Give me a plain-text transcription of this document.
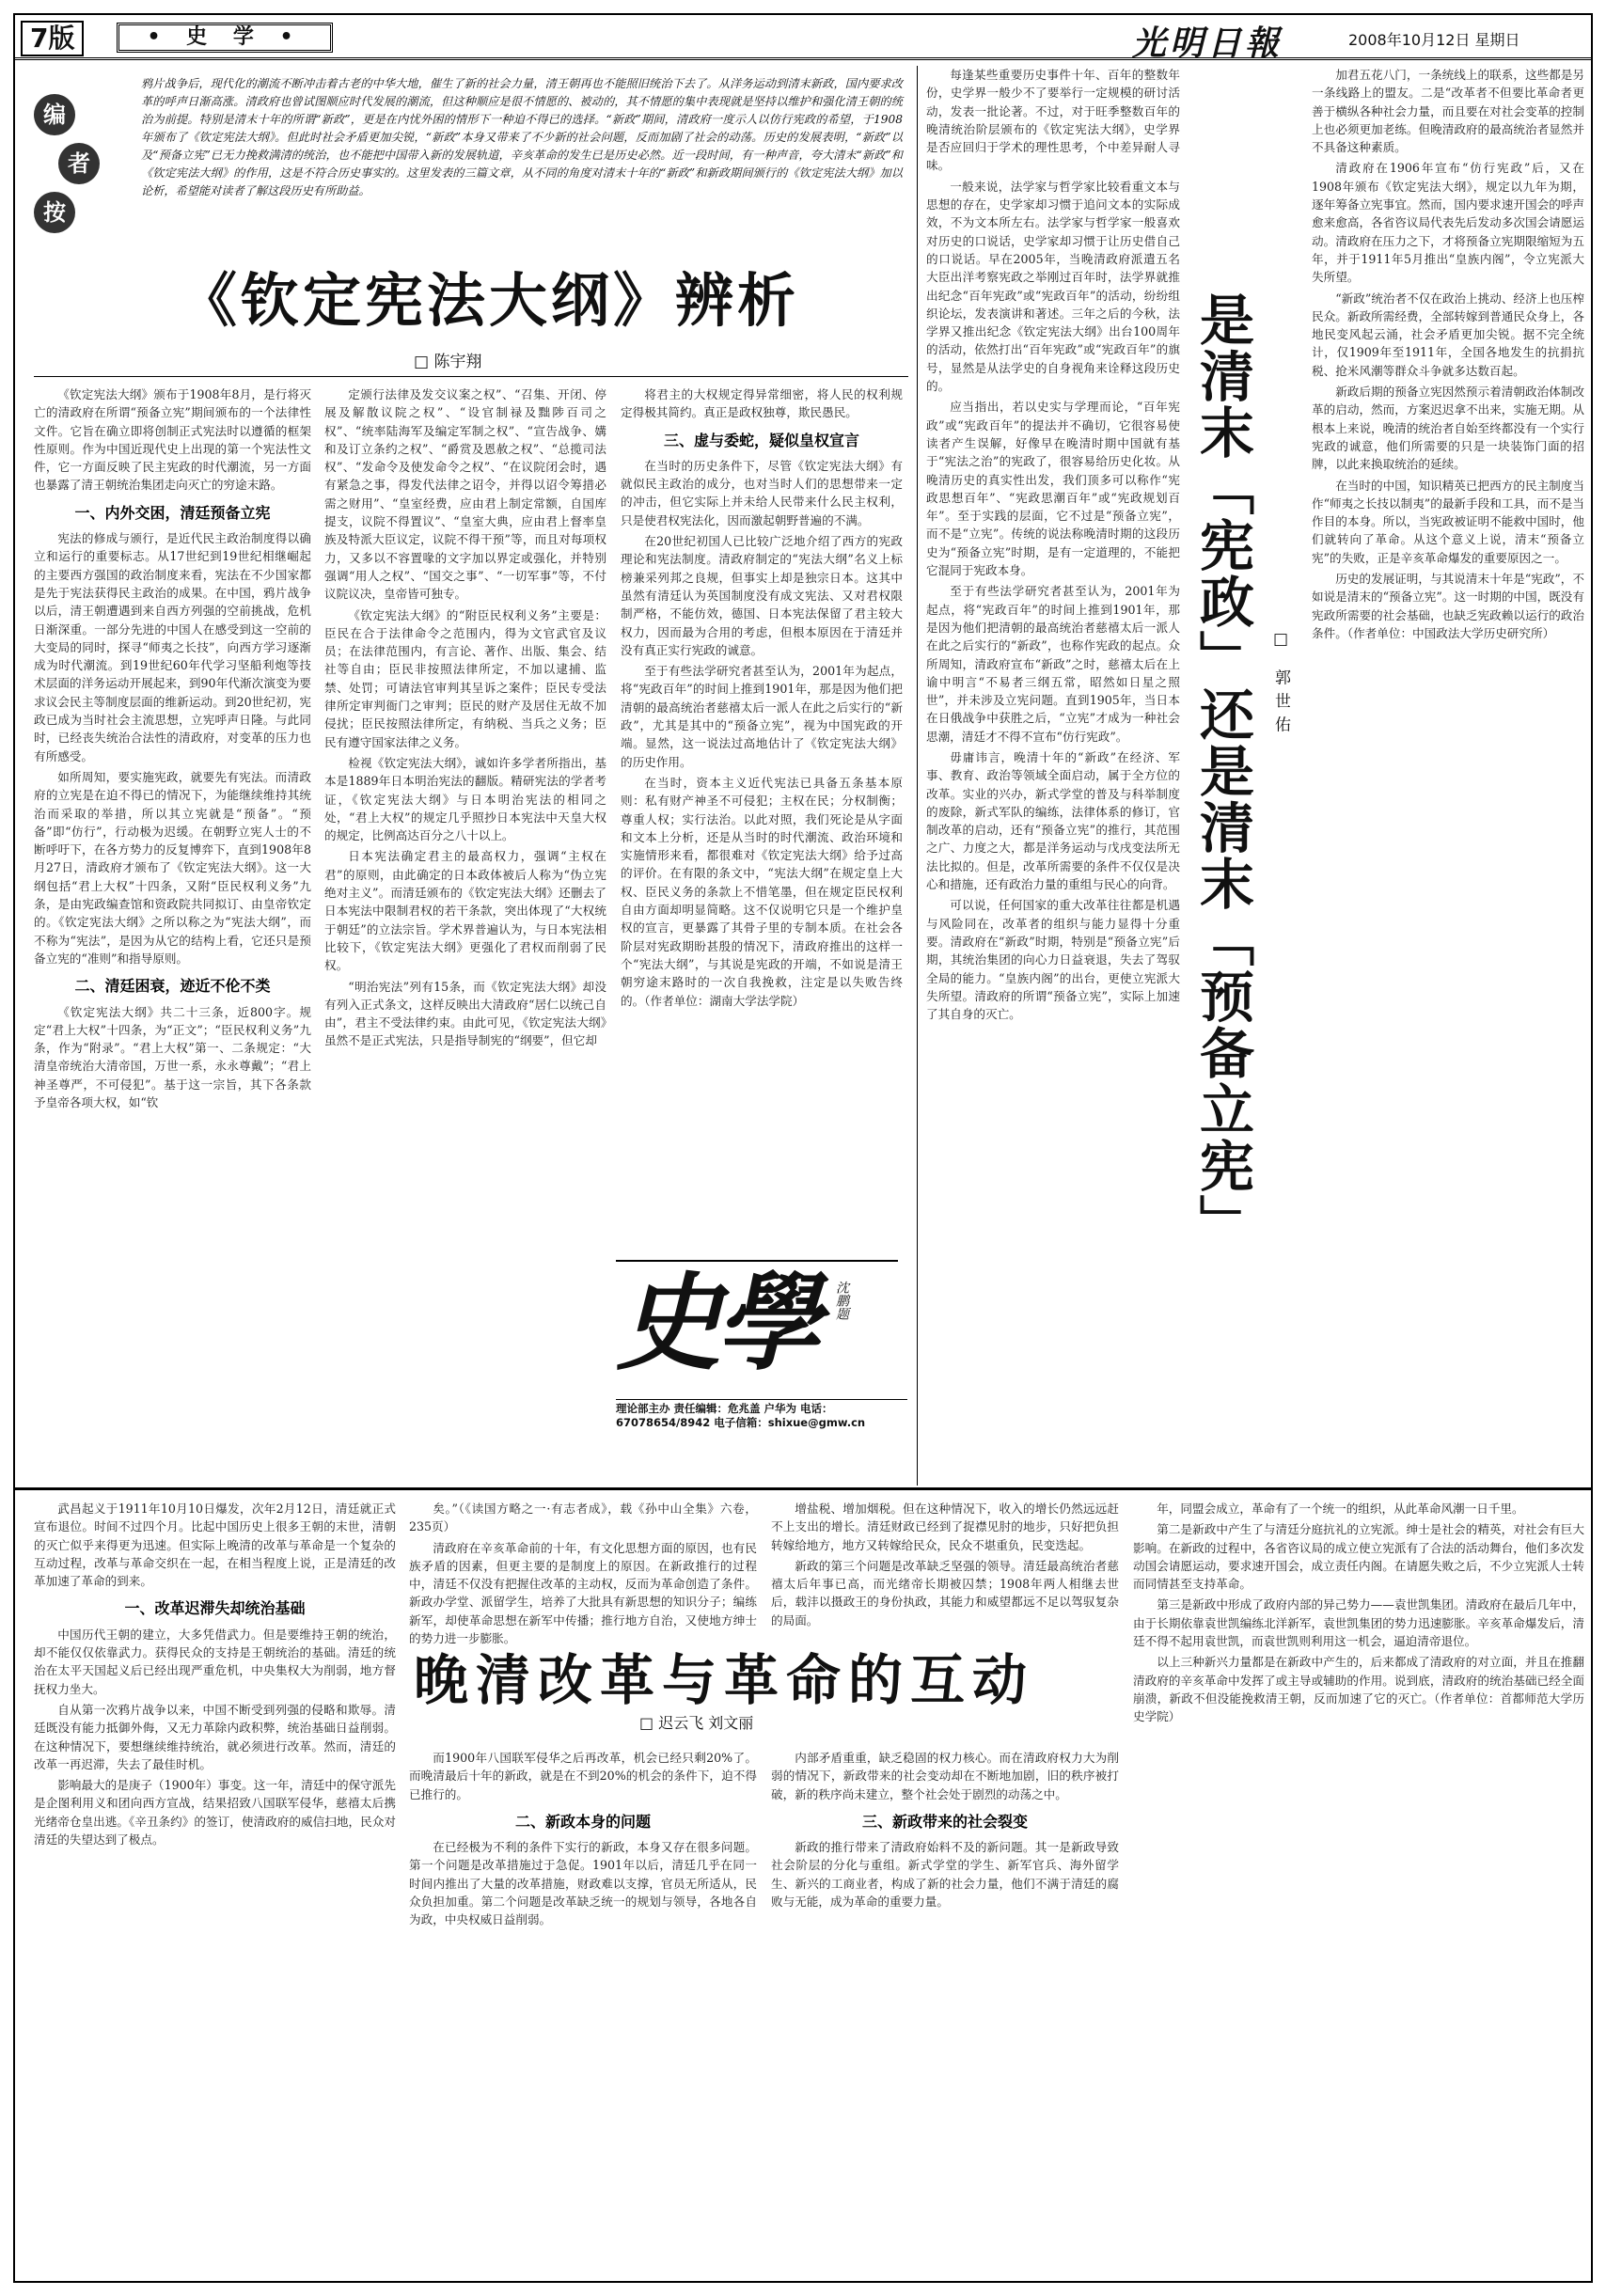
7版	• 史 学 •	光明日報	2008年10月12日 星期日
编
者
按
鸦片战争后，现代化的潮流不断冲击着古老的中华大地，催生了新的社会力量，清王朝再也不能照旧统治下去了。从洋务运动到清末新政，国内要求改革的呼声日渐高涨。清政府也曾试图顺应时代发展的潮流，但这种顺应是很不情愿的、被动的，其不情愿的集中表现就是坚持以维护和强化清王朝的统治为前提。特别是清末十年的所谓“新政”，更是在内忧外困的情形下一种迫不得已的选择。“新政”期间，清政府一度示人以仿行宪政的希望，于1908年颁布了《钦定宪法大纲》。但此时社会矛盾更加尖锐，“新政”本身又带来了不少新的社会问题，反而加剧了社会的动荡。历史的发展表明，“新政”以及“预备立宪”已无力挽救满清的统治，也不能把中国带入新的发展轨道，辛亥革命的发生已是历史必然。近一段时间，有一种声音，夸大清末“新政”和《钦定宪法大纲》的作用，这是不符合历史事实的。这里发表的三篇文章，从不同的角度对清末十年的“新政”和新政期间颁行的《钦定宪法大纲》加以论析，希望能对读者了解这段历史有所助益。
《钦定宪法大纲》辨析
□ 陈宇翔

《钦定宪法大纲》颁布于1908年8月，是行将灭亡的清政府在所谓“预备立宪”期间颁布的一个法律性文件。它旨在确立即将创制正式宪法时以遵循的框架性原则。作为中国近现代史上出现的第一个宪法性文件，它一方面反映了民主宪政的时代潮流，另一方面也暴露了清王朝统治集团走向灭亡的穷途末路。

一、内外交困，清廷预备立宪

宪法的修成与颁行，是近代民主政治制度得以确立和运行的重要标志。从17世纪到19世纪相继崛起的主要西方强国的政治制度来看，宪法在不少国家都是先于宪法获得民主政治的成果。在中国，鸦片战争以后，清王朝遭遇到来自西方列强的空前挑战，危机日渐深重。一部分先进的中国人在感受到这一空前的大变局的同时，探寻“师夷之长技”，向西方学习逐渐成为时代潮流。到19世纪60年代学习坚船利炮等技术层面的洋务运动开展起来，到90年代渐次演变为要求议会民主等制度层面的维新运动。到20世纪初，宪政已成为当时社会主流思想，立宪呼声日隆。与此同时，已经丧失统治合法性的清政府，对变革的压力也有所感受。

如所周知，要实施宪政，就要先有宪法。而清政府的立宪是在迫不得已的情况下，为能继续维持其统治而采取的举措，所以其立宪就是“预备”。“预备”即“仿行”，行动极为迟缓。在朝野立宪人士的不断呼吁下，在各方势力的反复博弈下，直到1908年8月27日，清政府才颁布了《钦定宪法大纲》。这一大纲包括“君上大权”十四条，又附“臣民权利义务”九条，是由宪政编查馆和资政院共同拟订、由皇帝钦定的。《钦定宪法大纲》之所以称之为“宪法大纲”，而不称为“宪法”，是因为从它的结构上看，它还只是预备立宪的“准则”和指导原则。

二、清廷困衰，迹近不伦不类

《钦定宪法大纲》共二十三条，近800字。规定“君上大权”十四条，为“正文”；“臣民权利义务”九条，作为“附录”。“君上大权”第一、二条规定：“大清皇帝统治大清帝国，万世一系，永永尊戴”；“君上神圣尊严，不可侵犯”。基于这一宗旨，其下各条款予皇帝各项大权，如“钦

定颁行法律及发交议案之权”、“召集、开闭、停展及解散议院之权”、“设官制禄及黜陟百司之权”、“统率陆海军及编定军制之权”、“宣告战争、媾和及订立条约之权”、“爵赏及恩赦之权”、“总揽司法权”、“发命令及使发命令之权”、“在议院闭会时，遇有紧急之事，得发代法律之诏令，并得以诏令筹措必需之财用”、“皇室经费，应由君上制定常额，自国库提支，议院不得置议”、“皇室大典，应由君上督率皇族及特派大臣议定，议院不得干预”等，而且对每项权力，又多以不容置喙的文字加以界定或强化，并特别强调“用人之权”、“国交之事”、“一切军事”等，不付议院议决，皇帝皆可独专。

《钦定宪法大纲》的“附臣民权利义务”主要是：臣民在合于法律命令之范围内，得为文官武官及议员；在法律范围内，有言论、著作、出版、集会、结社等自由；臣民非按照法律所定，不加以逮捕、监禁、处罚；可请法官审判其呈诉之案件；臣民专受法律所定审判衙门之审判；臣民的财产及居住无故不加侵扰；臣民按照法律所定，有纳税、当兵之义务；臣民有遵守国家法律之义务。

检视《钦定宪法大纲》，诚如许多学者所指出，基本是1889年日本明治宪法的翻版。精研宪法的学者考证，《钦定宪法大纲》与日本明治宪法的相同之处，“君上大权”的规定几乎照抄日本宪法中天皇大权的规定，比例高达百分之八十以上。

日本宪法确定君主的最高权力，强调“主权在君”的原则，由此确定的日本政体被后人称为“伪立宪绝对主义”。而清廷颁布的《钦定宪法大纲》还删去了日本宪法中限制君权的若干条款，突出体现了“大权统于朝廷”的立法宗旨。学术界普遍认为，与日本宪法相比较下，《钦定宪法大纲》更强化了君权而削弱了民权。

“明治宪法”列有15条，而《钦定宪法大纲》却没有列入正式条文，这样反映出大清政府“居仁以统己自由”，君主不受法律约束。由此可见，《钦定宪法大纲》虽然不是正式宪法，只是指导制宪的“纲要”，但它却

将君主的大权规定得异常细密，将人民的权利规定得极其简约。真正是政权独尊，欺民愚民。

三、虚与委蛇，疑似皇权宣言

在当时的历史条件下，尽管《钦定宪法大纲》有就似民主政治的成分，也对当时人们的思想带来一定的冲击，但它实际上并未给人民带来什么民主权利，只是使君权宪法化，因而激起朝野普遍的不满。

在20世纪初国人已比较广泛地介绍了西方的宪政理论和宪法制度。清政府制定的“宪法大纲”名义上标榜兼采列邦之良规，但事实上却是独宗日本。这其中虽然有清廷认为英国制度没有成文宪法、又对君权限制严格，不能仿效，德国、日本宪法保留了君主较大权力，因而最为合用的考虑，但根本原因在于清廷并没有真正实行宪政的诚意。

至于有些法学研究者甚至认为，2001年为起点，将“宪政百年”的时间上推到1901年，那是因为他们把清朝的最高统治者慈禧太后一派人在此之后实行的“新政”，尤其是其中的“预备立宪”，视为中国宪政的开端。显然，这一说法过高地估计了《钦定宪法大纲》的历史作用。

在当时，资本主义近代宪法已具备五条基本原则：私有财产神圣不可侵犯；主权在民；分权制衡；尊重人权；实行法治。以此对照，我们死论是从字面和文本上分析，还是从当时的时代潮流、政治环境和实施情形来看，都很难对《钦定宪法大纲》给予过高的评价。在有限的条文中，“宪法大纲”在规定皇上大权、臣民义务的条款上不惜笔墨，但在规定臣民权利自由方面却明显简略。这不仅说明它只是一个维护皇权的宣言，更暴露了其骨子里的专制本质。在社会各阶层对宪政期盼甚殷的情况下，清政府推出的这样一个“宪法大纲”，与其说是宪政的开端，不如说是清王朝穷途末路时的一次自我挽救，注定是以失败告终的。（作者单位：湖南大学法学院）

史學 沈鹏题
理论部主办 责任编辑：危兆盖 户华为 电话：67078654/8942 电子信箱：shixue@gmw.cn

每逢某些重要历史事件十年、百年的整数年份，史学界一般少不了要举行一定规模的研讨活动，发表一批论著。不过，对于旺季整数百年的晚清统治阶层颁布的《钦定宪法大纲》，史学界是否应回归于学术的理性思考，个中差异耐人寻味。

一般来说，法学家与哲学家比较看重文本与思想的存在，史学家却习惯于追问文本的实际成效，不为文本所左右。法学家与哲学家一般喜欢对历史的口说话，史学家却习惯于让历史借自己的口说话。早在2005年，当晚清政府派遣五名大臣出洋考察宪政之举刚过百年时，法学界就推出纪念“百年宪政”或“宪政百年”的活动，纷纷组织论坛，发表演讲和著述。三年之后的今秋，法学界又推出纪念《钦定宪法大纲》出台100周年的活动，依然打出“百年宪政”或“宪政百年”的旗号，显然是从法学史的自身视角来诠释这段历史的。

应当指出，若以史实与学理而论，“百年宪政”或“宪政百年”的提法并不确切，它很容易使读者产生误解，好像早在晚清时期中国就有基于“宪法之治”的宪政了，很容易给历史化妆。从晚清历史的真实性出发，我们顶多可以称作“宪政思想百年”、“宪政思潮百年”或“宪政规划百年”。至于实践的层面，它不过是“预备立宪”，而不是“立宪”。传统的说法称晚清时期的这段历史为“预备立宪”时期，是有一定道理的，不能把它混同于宪政本身。

至于有些法学研究者甚至认为，2001年为起点，将“宪政百年”的时间上推到1901年，那是因为他们把清朝的最高统治者慈禧太后一派人在此之后实行的“新政”，也称作宪政的起点。众所周知，清政府宣布“新政”之时，慈禧太后在上谕中明言“不易者三纲五常，昭然如日星之照世”，并未涉及立宪问题。直到1905年，当日本在日俄战争中获胜之后，“立宪”才成为一种社会思潮，清廷才不得不宣布“仿行宪政”。

毋庸讳言，晚清十年的“新政”在经济、军事、教育、政治等领域全面启动，属于全方位的改革。实业的兴办，新式学堂的普及与科举制度的废除，新式军队的编练，法律体系的修订，官制改革的启动，还有“预备立宪”的推行，其范围之广、力度之大，都是洋务运动与戊戌变法所无法比拟的。但是，改革所需要的条件不仅仅是决心和措施，还有政治力量的重组与民心的向背。

可以说，任何国家的重大改革往往都是机遇与风险同在，改革者的组织与能力显得十分重要。清政府在“新政”时期，特别是“预备立宪”后期，其统治集团的向心力日益衰退，失去了驾驭全局的能力。“皇族内阁”的出台，更使立宪派大失所望。清政府的所谓“预备立宪”，实际上加速了其自身的灭亡。	是清末「宪政」还是清末「预备立宪」 □ 郭世佑

加君五花八门，一条统线上的联系，这些都是另一条线路上的盟友。二是“改革者不但要比革命者更善于横纵各种社会力量，而且要在对社会变革的控制上也必须更加老练。但晚清政府的最高统治者显然并不具备这种素质。

清政府在1906年宣布“仿行宪政”后，又在1908年颁布《钦定宪法大纲》，规定以九年为期，逐年筹备立宪事宜。然而，国内要求速开国会的呼声愈来愈高，各省咨议局代表先后发动多次国会请愿运动。清政府在压力之下，才将预备立宪期限缩短为五年，并于1911年5月推出“皇族内阁”，令立宪派大失所望。

“新政”统治者不仅在政治上挑动、经济上也压榨民众。新政所需经费，全部转嫁到普通民众身上，各地民变风起云涌，社会矛盾更加尖锐。据不完全统计，仅1909年至1911年，全国各地发生的抗捐抗税、抢米风潮等群众斗争就多达数百起。

新政后期的预备立宪因然预示着清朝政治体制改革的启动，然而，方案迟迟拿不出来，实施无期。从根本上来说，晚清的统治者自始至终都没有一个实行宪政的诚意，他们所需要的只是一块装饰门面的招牌，以此来换取统治的延续。

在当时的中国，知识精英已把西方的民主制度当作“师夷之长技以制夷”的最新手段和工具，而不是当作目的本身。所以，当宪政被证明不能救中国时，他们就转向了革命。从这个意义上说，清末“预备立宪”的失败，正是辛亥革命爆发的重要原因之一。

历史的发展证明，与其说清末十年是“宪政”，不如说是清末的“预备立宪”。这一时期的中国，既没有宪政所需要的社会基础，也缺乏宪政赖以运行的政治条件。（作者单位：中国政法大学历史研究所）

晚清改革与革命的互动
□ 迟云飞 刘文丽

武昌起义于1911年10月10日爆发，次年2月12日，清廷就正式宣布退位。时间不过四个月。比起中国历史上很多王朝的末世，清朝的灭亡似乎来得更为迅速。但实际上晚清的改革与革命是一个复杂的互动过程，改革与革命交织在一起，在相当程度上说，正是清廷的改革加速了革命的到来。

一、改革迟滞失却统治基础

中国历代王朝的建立，大多凭借武力。但是要维持王朝的统治，却不能仅仅依靠武力。获得民众的支持是王朝统治的基础。清廷的统治在太平天国起义后已经出现严重危机，中央集权大为削弱，地方督抚权力坐大。

自从第一次鸦片战争以来，中国不断受到列强的侵略和欺辱。清廷既没有能力抵御外侮，又无力革除内政积弊，统治基础日益削弱。在这种情况下，要想继续维持统治，就必须进行改革。然而，清廷的改革一再迟滞，失去了最佳时机。

影响最大的是庚子（1900年）事变。这一年，清廷中的保守派先是企图利用义和团向西方宣战，结果招致八国联军侵华，慈禧太后携光绪帝仓皇出逃。《辛丑条约》的签订，使清政府的威信扫地，民众对清廷的失望达到了极点。

矣。”（《读国方略之一·有志者成》，载《孙中山全集》六卷，235页）

清政府在辛亥革命前的十年，有文化思想方面的原因，也有民族矛盾的因素，但更主要的是制度上的原因。在新政推行的过程中，清廷不仅没有把握住改革的主动权，反而为革命创造了条件。新政办学堂、派留学生，培养了大批具有新思想的知识分子；编练新军，却使革命思想在新军中传播；推行地方自治，又使地方绅士的势力进一步膨胀。

而1900年八国联军侵华之后再改革，机会已经只剩20%了。而晚清最后十年的新政，就是在不到20%的机会的条件下，迫不得已推行的。

二、新政本身的问题

在已经极为不利的条件下实行的新政，本身又存在很多问题。第一个问题是改革措施过于急促。1901年以后，清廷几乎在同一时间内推出了大量的改革措施，财政难以支撑，官员无所适从，民众负担加重。第二个问题是改革缺乏统一的规划与领导，各地各自为政，中央权威日益削弱。

增盐税、增加烟税。但在这种情况下，收入的增长仍然远远赶不上支出的增长。清廷财政已经到了捉襟见肘的地步，只好把负担转嫁给地方，地方又转嫁给民众，民众不堪重负，民变迭起。

新政的第三个问题是改革缺乏坚强的领导。清廷最高统治者慈禧太后年事已高，而光绪帝长期被囚禁；1908年两人相继去世后，载沣以摄政王的身份执政，其能力和威望都远不足以驾驭复杂的局面。

内部矛盾重重，缺乏稳固的权力核心。而在清政府权力大为削弱的情况下，新政带来的社会变动却在不断地加剧，旧的秩序被打破，新的秩序尚未建立，整个社会处于剧烈的动荡之中。

三、新政带来的社会裂变

新政的推行带来了清政府始料不及的新问题。其一是新政导致社会阶层的分化与重组。新式学堂的学生、新军官兵、海外留学生、新兴的工商业者，构成了新的社会力量，他们不满于清廷的腐败与无能，成为革命的重要力量。

年，同盟会成立，革命有了一个统一的组织，从此革命风潮一日千里。

第二是新政中产生了与清廷分庭抗礼的立宪派。绅士是社会的精英，对社会有巨大影响。在新政的过程中，各省咨议局的成立使立宪派有了合法的活动舞台，他们多次发动国会请愿运动，要求速开国会，成立责任内阁。在请愿失败之后，不少立宪派人士转而同情甚至支持革命。

第三是新政中形成了政府内部的异己势力——袁世凯集团。清政府在最后几年中，由于长期依靠袁世凯编练北洋新军，袁世凯集团的势力迅速膨胀。辛亥革命爆发后，清廷不得不起用袁世凯，而袁世凯则利用这一机会，逼迫清帝退位。

以上三种新兴力量都是在新政中产生的，后来都成了清政府的对立面，并且在推翻清政府的辛亥革命中发挥了或主导或辅助的作用。说到底，清政府的统治基础已经全面崩溃，新政不但没能挽救清王朝，反而加速了它的灭亡。（作者单位：首都师范大学历史学院）
